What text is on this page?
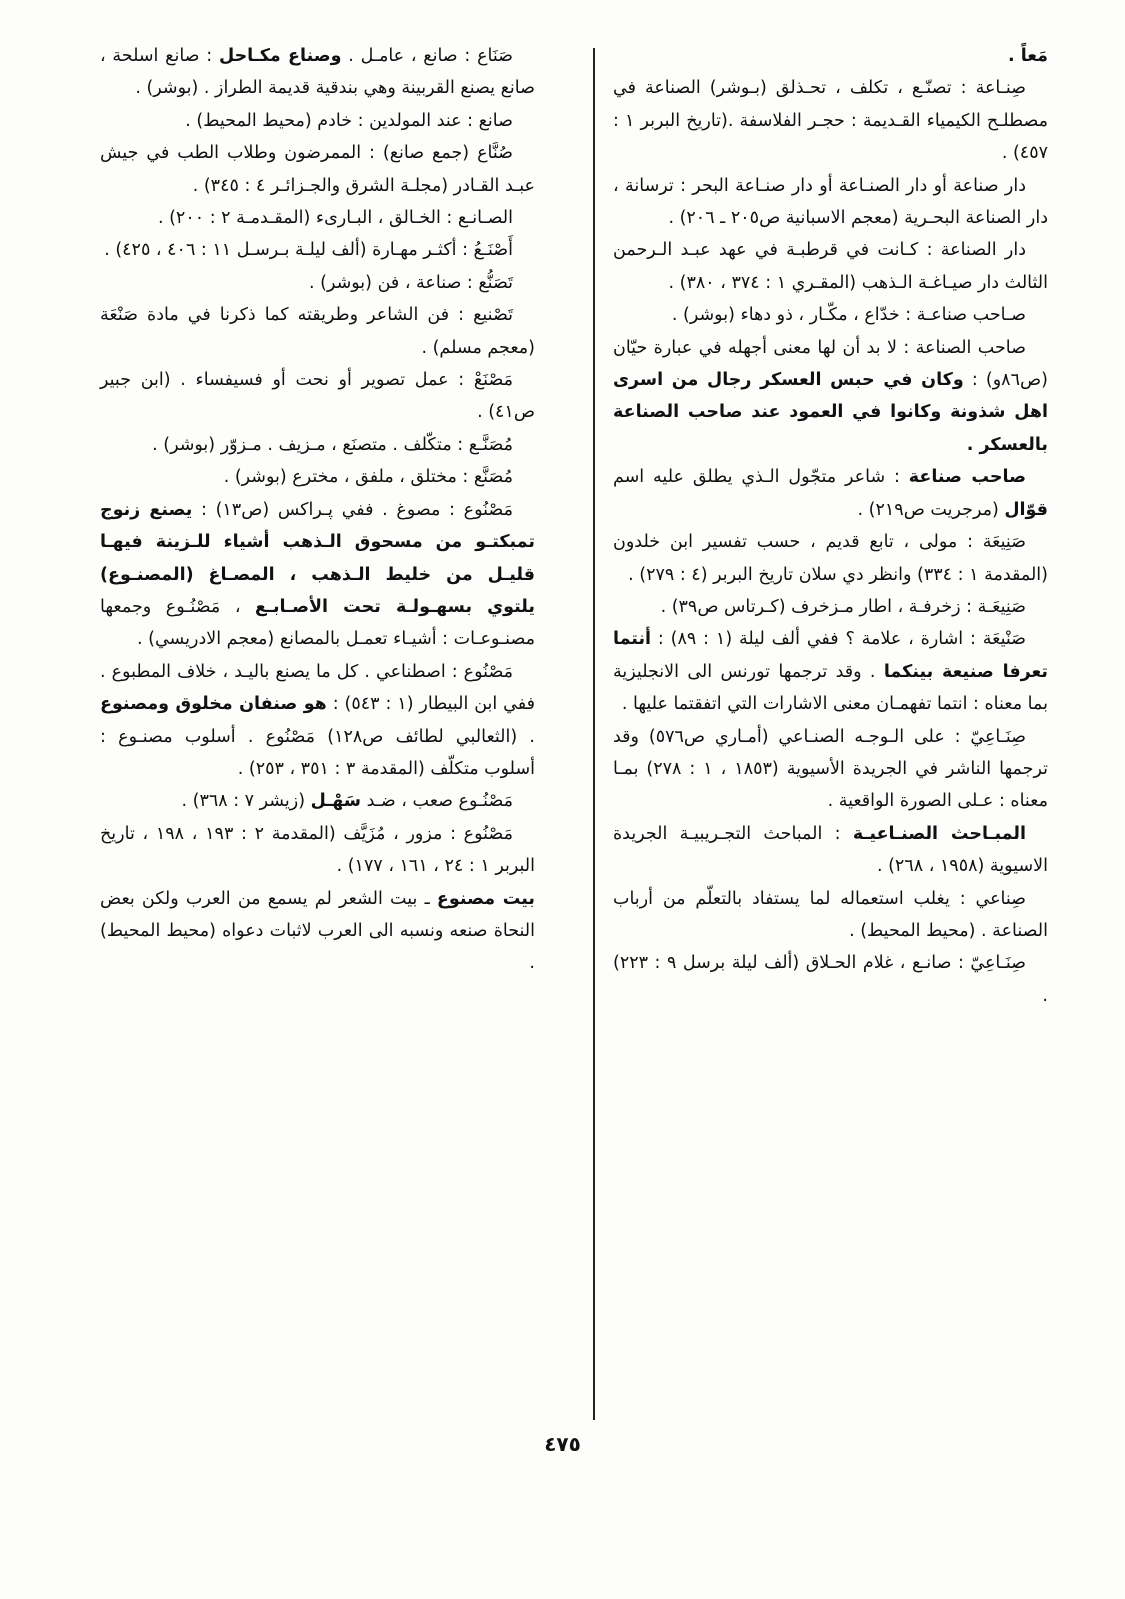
مَعاً .

صِنـاعة : تصنّـع ، تكلف ، تحـذلق (بـوشر) الصناعة في مصطلـح الكيمياء القـديمة : حجـر الفلاسفة .(تاريخ البربر ١ : ٤٥٧) .

دار صناعة أو دار الصنـاعة أو دار صنـاعة البحر : ترسانة ، دار الصناعة البحـرية (معجم الاسبانية ص٢٠٥ ـ ٢٠٦) .

دار الصناعة : كـانت في قرطبـة في عهد عبـد الـرحمن الثالث دار صيـاغـة الـذهب (المقـري ١ : ٣٧٤ ، ٣٨٠) .

صـاحب صناعـة : خدّاع ، مكّـار ، ذو دهاء (بوشر) .

صاحب الصناعة : لا بد أن لها معنى أجهله في عبارة حيّان (ص٨٦و) : وكان في حبس العسكر رجال من اسرى اهل شذونة وكانوا في العمود عند صاحب الصناعة بالعسكر .

صاحب صناعة : شاعر متجّول الـذي يطلق عليه اسم قوّال (مرجريت ص٢١٩) .

صَنِيعَة : مولى ، تابع قديم ، حسب تفسير ابن خلدون (المقدمة ١ : ٣٣٤) وانظر دي سلان تاريخ البربر (٤ : ٢٧٩) .

صَنِيعَـة : زخرفـة ، اطار مـزخرف (كـرتاس ص٣٩) .

صَنْيعَة : اشارة ، علامة ؟ ففي ألف ليلة (١ : ٨٩) : أنتما تعرفا صنيعة بينكما . وقد ترجمها تورنس الى الانجليزية بما معناه : انتما تفهمـان معنى الاشارات التي اتفقتما عليها .

صِنَـاعِيّ : على الـوجـه الصنـاعي (أمـاري ص٥٧٦) وقد ترجمها الناشر في الجريدة الأسيوية (١٨٥٣ ، ١ : ٢٧٨) بمـا معناه : عـلى الصورة الواقعية .

المبـاحث الصنـاعيـة : المباحث التجـريبيـة الجريدة الاسيوية (١٩٥٨ ، ٢٦٨) .

صِناعي : يغلب استعماله لما يستفاد بالتعلّم من أرباب الصناعة . (محيط المحيط) .

صِنَـاعِيّ : صانـع ، غلام الحـلاق (ألف ليلة برسل ٩ : ٢٢٣) .

صَنَاع : صانع ، عامـل . وصناع مكـاحل : صانع اسلحة ، صانع يصنع القربينة وهي بندقية قديمة الطراز . (بوشر) .

صانع : عند المولدين : خادم (محيط المحيط) .

صُنَّاع (جمع صانع) : الممرضون وطلاب الطب في جيش عبـد القـادر (مجلـة الشرق والجـزائـر ٤ : ٣٤٥) .

الصـانـع : الخـالق ، البـارىء (المقـدمـة ٢ : ٢٠٠) .

أَصْنَـعُ : أكثـر مهـارة (ألف ليلـة بـرسـل ١١ : ٤٠٦ ، ٤٢٥) .

تَصَنُّع : صناعة ، فن (بوشر) .

تَصْنيع : فن الشاعر وطريقته كما ذكرنا في مادة صَنْعَة (معجم مسلم) .

مَصْنَعْ : عمل تصوير أو نحت أو فسيفساء . (ابن جبير ص٤١) .

مُصَنَّـع : متكّلف . متصنَع ، مـزيف . مـزوّر (بوشر) .

مُصَنَّع : مختلق ، ملفق ، مخترع (بوشر) .

مَصْنُوع : مصوغ . ففي پـراكس (ص١٣) : يصنع زنوج تمبكتـو من مسحوق الـذهب أشياء للـزينة فيهـا قليـل من خليط الـذهب ، المصـاغ (المصنـوع) يلتوي بسهـولـة تحت الأصـابـع ، مَصْنُـوع وجمعها مصنـوعـات : أشيـاء تعمـل بالمصانع (معجم الادريسي) .

مَصْنُوع : اصطناعي . كل ما يصنع باليـد ، خلاف المطبوع . ففي ابن البيطار (١ : ٥٤٣) : هو صنفان مخلوق ومصنوع . (الثعالبي لطائف ص١٢٨) مَصْنُوع . أسلوب مصنـوع : أسلوب متكلّف (المقدمة ٣ : ٣٥١ ، ٢٥٣) .

مَصْنُـوع صعب ، ضـد سَهْـل (زيشر ٧ : ٣٦٨) .

مَصْنُوع : مزور ، مُزَيَّف (المقدمة ٢ : ١٩٣ ، ١٩٨ ، تاريخ البربر ١ : ٢٤ ، ١٦١ ، ١٧٧) .

بيت مصنوع ـ بيت الشعر لم يسمع من العرب ولكن بعض النحاة صنعه ونسبه الى العرب لاثبات دعواه (محيط المحيط) .

٤٧٥
